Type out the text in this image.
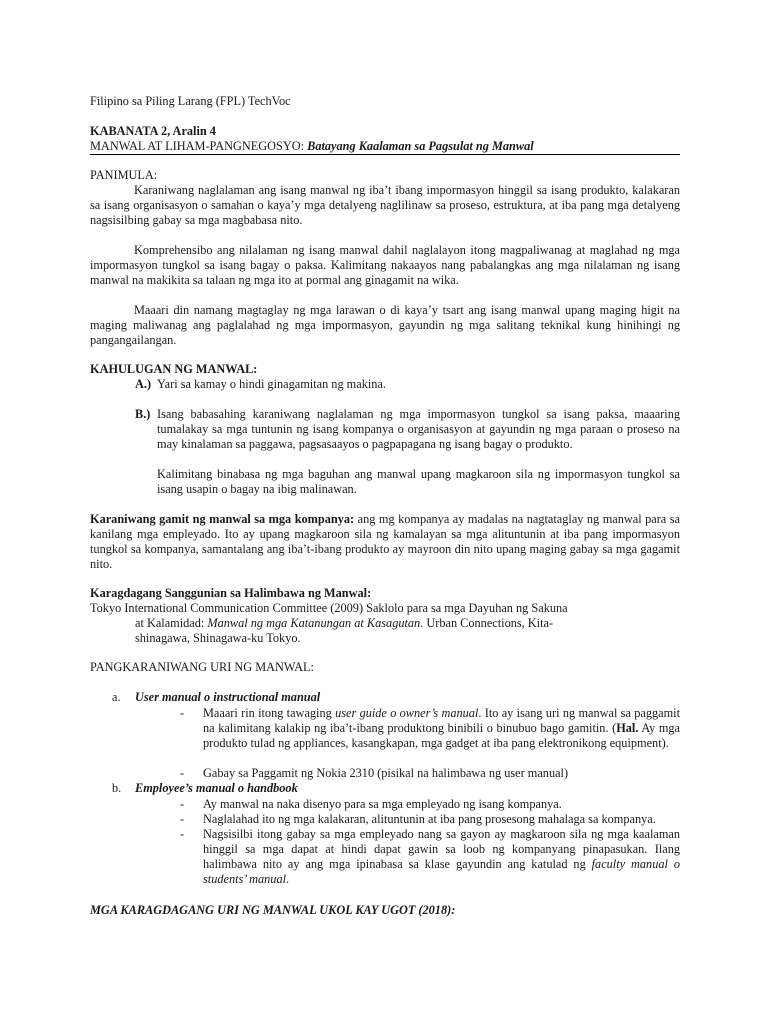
Filipino sa Piling Larang (FPL) TechVoc
KABANATA 2, Aralin 4
MANWAL AT LIHAM-PANGNEGOSYO: Batayang Kaalaman sa Pagsulat ng Manwal
PANIMULA:

Karaniwang naglalaman ang isang manwal ng iba’t ibang impormasyon hinggil sa isang produkto, kalakaran sa isang organisasyon o samahan o kaya’y mga detalyeng naglilinaw sa proseso, estruktura, at iba pang mga detalyeng nagsisilbing gabay sa mga magbabasa nito.

Komprehensibo ang nilalaman ng isang manwal dahil naglalayon itong magpaliwanag at maglahad ng mga impormasyon tungkol sa isang bagay o paksa. Kalimitang nakaayos nang pabalangkas ang mga nilalaman ng isang manwal na makikita sa talaan ng mga ito at pormal ang ginagamit na wika.

Maaari din namang magtaglay ng mga larawan o di kaya’y tsart ang isang manwal upang maging higit na maging maliwanag ang paglalahad ng mga impormasyon, gayundin ng mga salitang teknikal kung hinihingi ng pangangailangan.

KAHULUGAN NG MANWAL:
A.) Yari sa kamay o hindi ginagamitan ng makina.
B.) Isang babasahing karaniwang naglalaman ng mga impormasyon tungkol sa isang paksa, maaaring tumalakay sa mga tuntunin ng isang kompanya o organisasyon at gayundin ng mga paraan o proseso na may kinalaman sa paggawa, pagsasaayos o pagpapagana ng isang bagay o produkto.

Kalimitang binabasa ng mga baguhan ang manwal upang magkaroon sila ng impormasyon tungkol sa isang usapin o bagay na ibig malinawan.

Karaniwang gamit ng manwal sa mga kompanya: ang mg kompanya ay madalas na nagtataglay ng manwal para sa kanilang mga empleyado. Ito ay upang magkaroon sila ng kamalayan sa mga alituntunin at iba pang impormasyon tungkol sa kompanya, samantalang ang iba’t-ibang produkto ay mayroon din nito upang maging gabay sa mga gagamit nito.

Karagdagang Sanggunian sa Halimbawa ng Manwal:
Tokyo International Communication Committee (2009) Saklolo para sa mga Dayuhan ng Sakuna
at Kalamidad: Manwal ng mga Katanungan at Kasagutan. Urban Connections, Kita-
shinagawa, Shinagawa-ku Tokyo.
PANGKARANIWANG URI NG MANWAL:
a. User manual o instructional manual
- Maaari rin itong tawaging user guide o owner’s manual. Ito ay isang uri ng manwal sa paggamit na kalimitang kalakip ng iba’t-ibang produktong binibili o binubuo bago gamitin. (Hal. Ay mga produkto tulad ng appliances, kasangkapan, mga gadget at iba pang elektronikong equipment).

- Gabay sa Paggamit ng Nokia 2310 (pisikal na halimbawa ng user manual)
b. Employee’s manual o handbook
- Ay manwal na naka disenyo para sa mga empleyado ng isang kompanya.
- Naglalahad ito ng mga kalakaran, alituntunin at iba pang prosesong mahalaga sa kompanya.
- Nagsisilbi itong gabay sa mga empleyado nang sa gayon ay magkaroon sila ng mga kaalaman hinggil sa mga dapat at hindi dapat gawin sa loob ng kompanyang pinapasukan. Ilang halimbawa nito ay ang mga ipinabasa sa klase gayundin ang katulad ng faculty manual o students’ manual.

MGA KARAGDAGANG URI NG MANWAL UKOL KAY UGOT (2018):
